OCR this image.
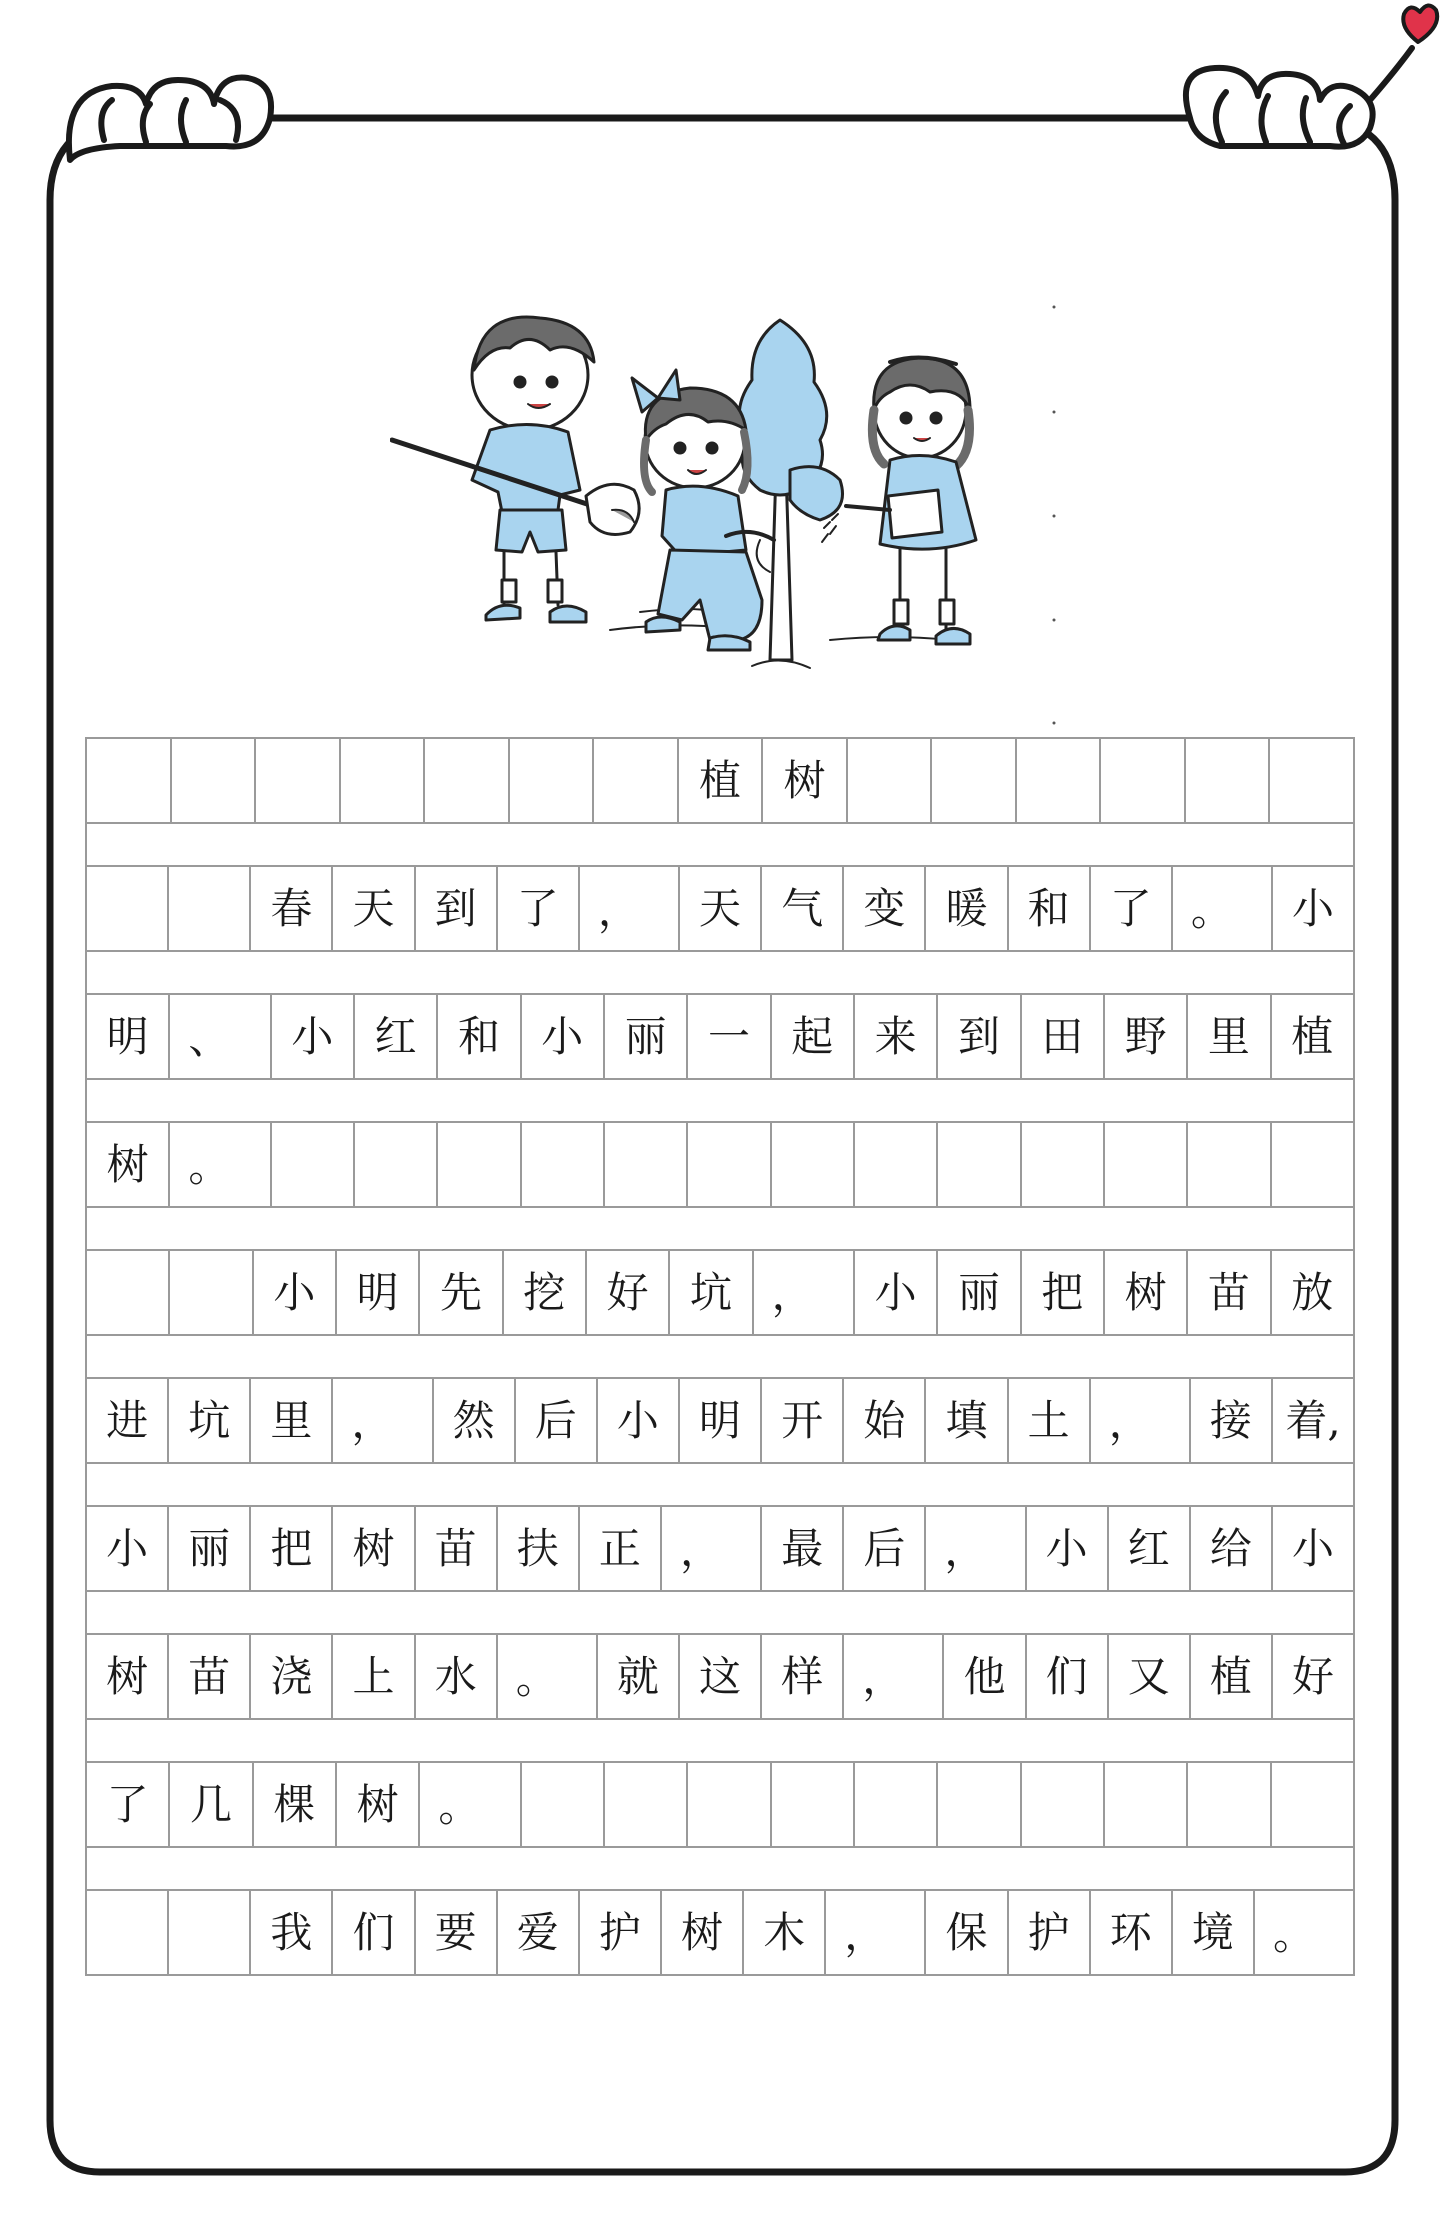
植	树
春 天 到 了 ，	天 气 变 暖 和 了 。	小
明 、	小 红 和 小 丽 一 起 来 到 田 野 里 植
树 。
小 明 先 挖 好 坑 ，	小 丽 把 树 苗 放
进 坑 里 ，	然 后 小 明 开 始 填 土 ，	接 着,
小 丽 把 树 苗 扶 正 ，	最 后 ，	小 红 给 小
树 苗 浇 上 水 。	就 这 样 ，	他 们 又 植 好
了 几 棵 树 。
我 们 要 爱 护 树 木 ，	保 护 环 境 。
